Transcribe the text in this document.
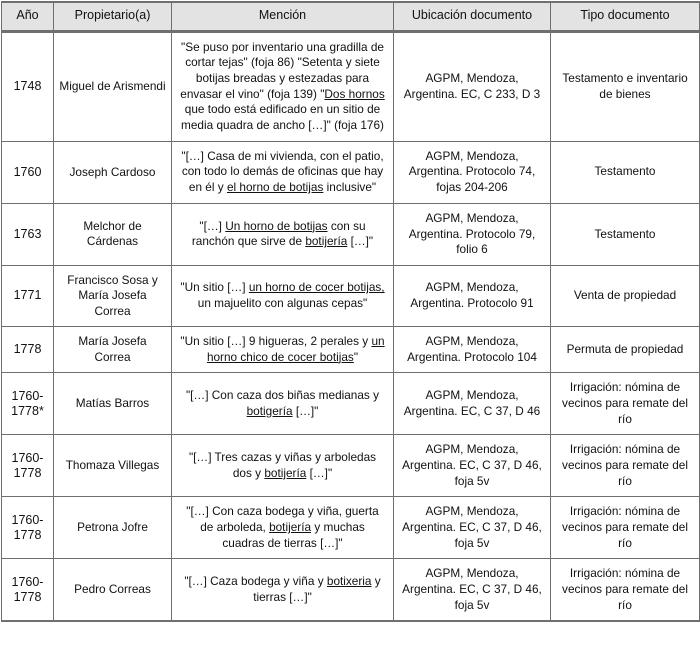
Año	Propietario(a)	Mención	Ubicación documento	Tipo documento
1748	Miguel de Arismendi	"Se puso por inventario una gradilla de cortar tejas" (foja 86) "Setenta y siete botijas breadas y estezadas para envasar el vino" (foja 139) "Dos hornos que todo está edificado en un sitio de media quadra de ancho […]" (foja 176)	AGPM, Mendoza, Argentina. EC, C 233, D 3	Testamento e inventario de bienes
1760	Joseph Cardoso	"[…] Casa de mi vivienda, con el patio, con todo lo demás de oficinas que hay en él y el horno de botijas inclusive"	AGPM, Mendoza, Argentina. Protocolo 74, fojas 204-206	Testamento
1763	Melchor de Cárdenas	"[…] Un horno de botijas con su ranchón que sirve de botijería […]"	AGPM, Mendoza, Argentina. Protocolo 79, folio 6	Testamento
1771	Francisco Sosa y María Josefa Correa	"Un sitio […] un horno de cocer botijas, un majuelito con algunas cepas"	AGPM, Mendoza, Argentina. Protocolo 91	Venta de propiedad
1778	María Josefa Correa	"Un sitio […] 9 higueras, 2 perales y un horno chico de cocer botijas"	AGPM, Mendoza, Argentina. Protocolo 104	Permuta de propiedad
1760-1778*	Matías Barros	"[…] Con caza dos biñas medianas y botigería […]"	AGPM, Mendoza, Argentina. EC, C 37, D 46	Irrigación: nómina de vecinos para remate del río
1760-1778	Thomaza Villegas	"[…] Tres cazas y viñas y arboledas dos y botijería […]"	AGPM, Mendoza, Argentina. EC, C 37, D 46, foja 5v	Irrigación: nómina de vecinos para remate del río
1760-1778	Petrona Jofre	"[…] Con caza bodega y viña, guerta de arboleda, botijería y muchas cuadras de tierras […]"	AGPM, Mendoza, Argentina. EC, C 37, D 46, foja 5v	Irrigación: nómina de vecinos para remate del río
1760-1778	Pedro Correas	"[…] Caza bodega y viña y botixeria y tierras […]"	AGPM, Mendoza, Argentina. EC, C 37, D 46, foja 5v	Irrigación: nómina de vecinos para remate del río
